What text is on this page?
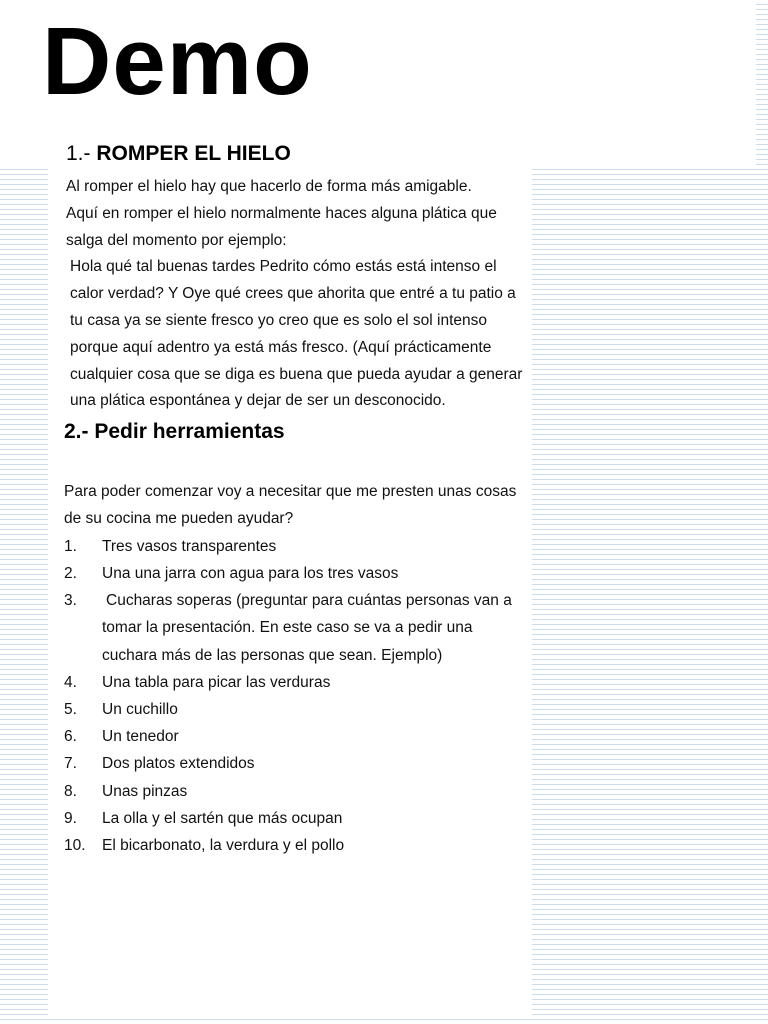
Demo
1.- ROMPER EL HIELO
Al romper el hielo hay que hacerlo de forma más amigable.
Aquí en romper el hielo normalmente haces alguna plática que salga del momento por ejemplo:
Hola qué tal buenas tardes Pedrito cómo estás está intenso el calor verdad? Y Oye qué crees que ahorita que entré a tu patio a tu casa ya se siente fresco yo creo que es solo el sol intenso porque aquí adentro ya está más fresco. (Aquí prácticamente cualquier cosa que se diga es buena que pueda ayudar a generar una plática espontánea y dejar de ser un desconocido.
2.- Pedir herramientas
Para poder comenzar voy a necesitar que me presten unas cosas de su cocina me pueden ayudar?
1.	Tres vasos transparentes
2.	Una una jarra con agua para los tres vasos
3.	Cucharas soperas (preguntar para cuántas personas van a tomar la presentación. En este caso se va a pedir una cuchara más de las personas que sean. Ejemplo)
4.	Una tabla para picar las verduras
5.	Un cuchillo
6.	Un tenedor
7.	Dos platos extendidos
8.	Unas pinzas
9.	La olla y el sartén que más ocupan
10.	El bicarbonato, la verdura y el pollo
